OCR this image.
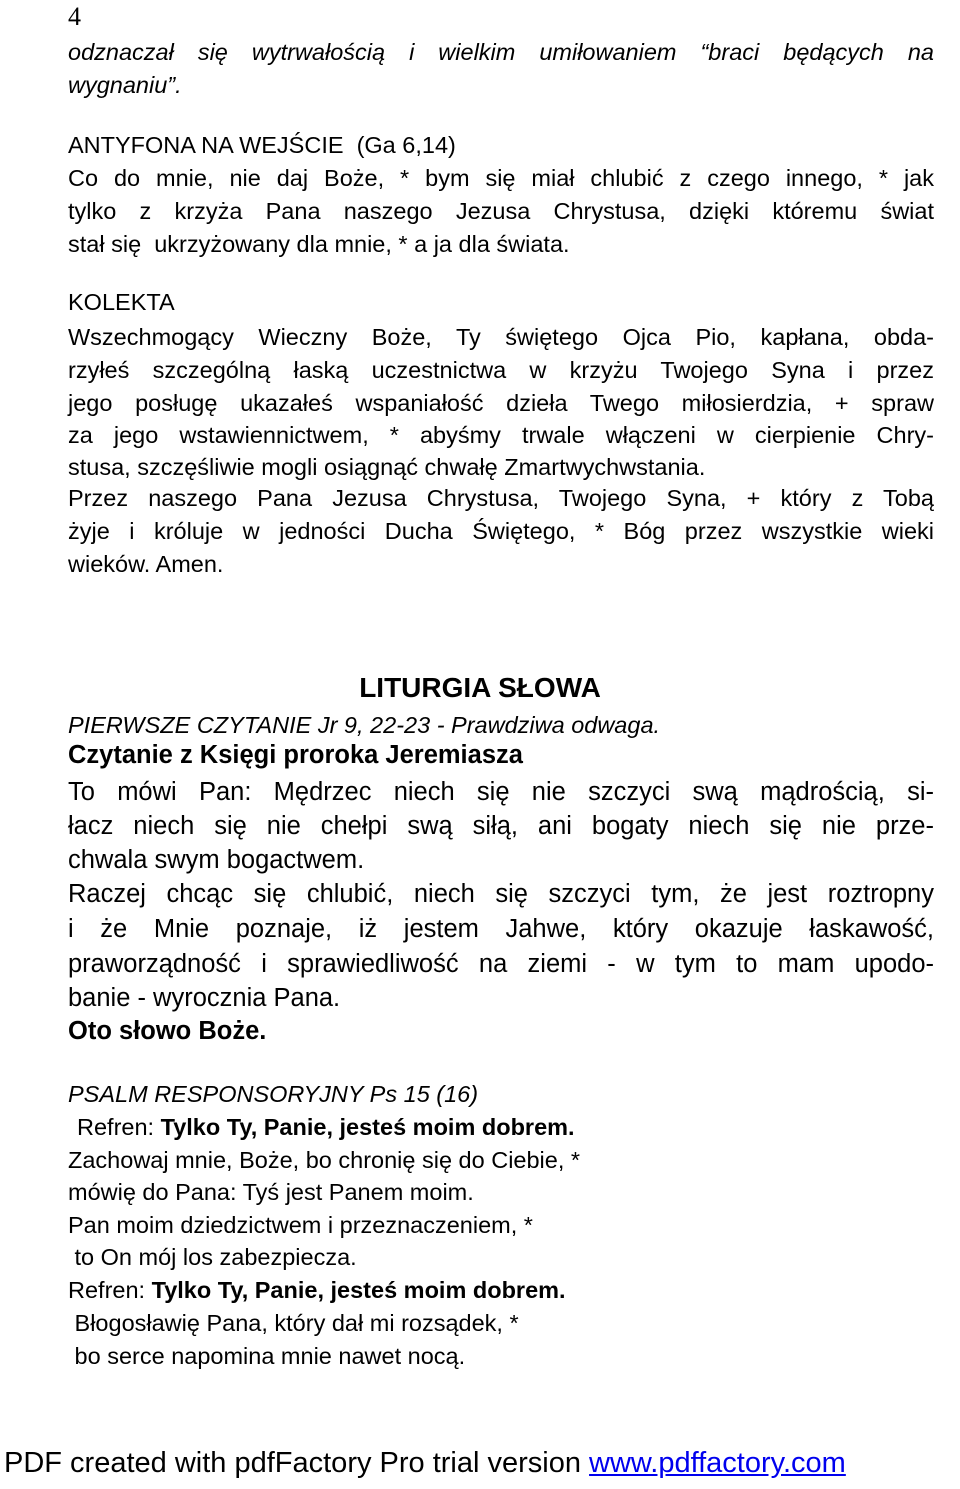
4
odznaczał się wytrwałością i wielkim umiłowaniem “braci będących na
wygnaniu”.
ANTYFONA NA WEJŚCIE  (Ga 6,14)
Co do mnie, nie daj Boże, * bym się miał chlubić z czego innego, * jak
tylko z krzyża Pana naszego Jezusa Chrystusa, dzięki któremu świat
stał się  ukrzyżowany dla mnie, * a ja dla świata.
KOLEKTA
Wszechmogący Wieczny Boże, Ty świętego Ojca Pio, kapłana, obda-
rzyłeś szczególną łaską uczestnictwa w krzyżu Twojego Syna i przez
jego posługę ukazałeś wspaniałość dzieła Twego miłosierdzia, + spraw
za jego wstawiennictwem, * abyśmy trwale włączeni w cierpienie Chry-
stusa, szczęśliwie mogli osiągnąć chwałę Zmartwychwstania.
Przez naszego Pana Jezusa Chrystusa, Twojego Syna, + który z Tobą
żyje i króluje w jedności Ducha Świętego, * Bóg przez wszystkie wieki
wieków. Amen.
LITURGIA SŁOWA
PIERWSZE CZYTANIE Jr 9, 22-23 - Prawdziwa odwaga.
Czytanie z Księgi proroka Jeremiasza
To mówi Pan: Mędrzec niech się nie szczyci swą mądrością, si-
łacz niech się nie chełpi swą siłą, ani bogaty niech się nie prze-
chwala swym bogactwem.
Raczej chcąc się chlubić, niech się szczyci tym, że jest roztropny
i że Mnie poznaje, iż jestem Jahwe, który okazuje łaskawość,
praworządność i sprawiedliwość na ziemi - w tym to mam upodo-
banie - wyrocznia Pana.
Oto słowo Boże.
PSALM RESPONSORYJNY Ps 15 (16)
Refren: Tylko Ty, Panie, jesteś moim dobrem.
Zachowaj mnie, Boże, bo chronię się do Ciebie, *
mówię do Pana: Tyś jest Panem moim.
Pan moim dziedzictwem i przeznaczeniem, *
to On mój los zabezpiecza.
Refren: Tylko Ty, Panie, jesteś moim dobrem.
Błogosławię Pana, który dał mi rozsądek, *
bo serce napomina mnie nawet nocą.
PDF created with pdfFactory Pro trial version www.pdffactory.com
